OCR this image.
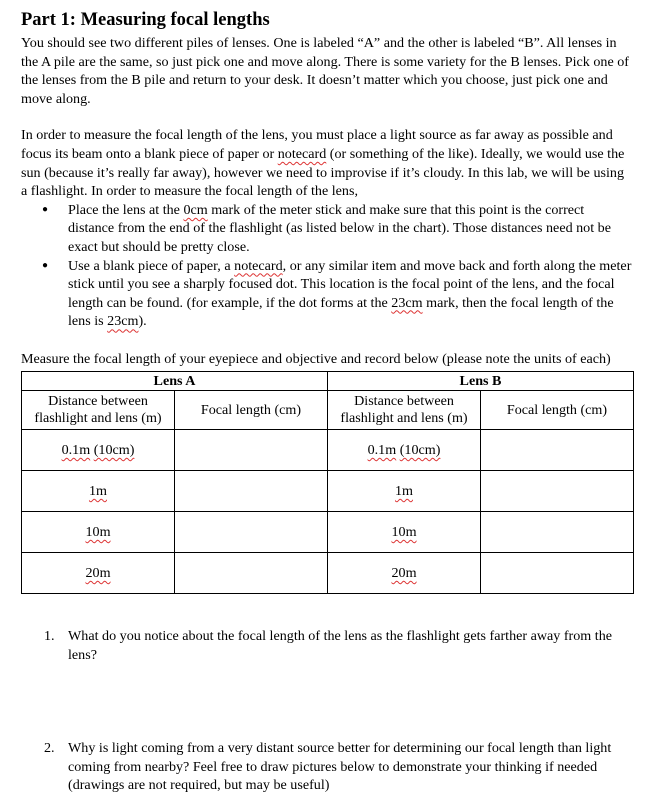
Part 1: Measuring focal lengths

You should see two different piles of lenses. One is labeled “A” and the other is labeled “B”. All lenses in the A pile are the same, so just pick one and move along. There is some variety for the B lenses. Pick one of the lenses from the B pile and return to your desk. It doesn’t matter which you choose, just pick one and move along.

In order to measure the focal length of the lens, you must place a light source as far away as possible and focus its beam onto a blank piece of paper or notecard (or something of the like). Ideally, we would use the sun (because it’s really far away), however we need to improvise if it’s cloudy. In this lab, we will be using a flashlight. In order to measure the focal length of the lens,

● Place the lens at the 0cm mark of the meter stick and make sure that this point is the correct distance from the end of the flashlight (as listed below in the chart). Those distances need not be exact but should be pretty close.
● Use a blank piece of paper, a notecard, or any similar item and move back and forth along the meter stick until you see a sharply focused dot. This location is the focal point of the lens, and the focal length can be found. (for example, if the dot forms at the 23cm mark, then the focal length of the lens is 23cm).

Measure the focal length of your eyepiece and objective and record below (please note the units of each)

Lens A		Lens B	
Distance between flashlight and lens (m)	Focal length (cm)	Distance between flashlight and lens (m)	Focal length (cm)
0.1m (10cm)		0.1m (10cm)	
1m		1m	
10m		10m	
20m		20m	
1. What do you notice about the focal length of the lens as the flashlight gets farther away from the lens?
2. Why is light coming from a very distant source better for determining our focal length than light coming from nearby? Feel free to draw pictures below to demonstrate your thinking if needed (drawings are not required, but may be useful)
